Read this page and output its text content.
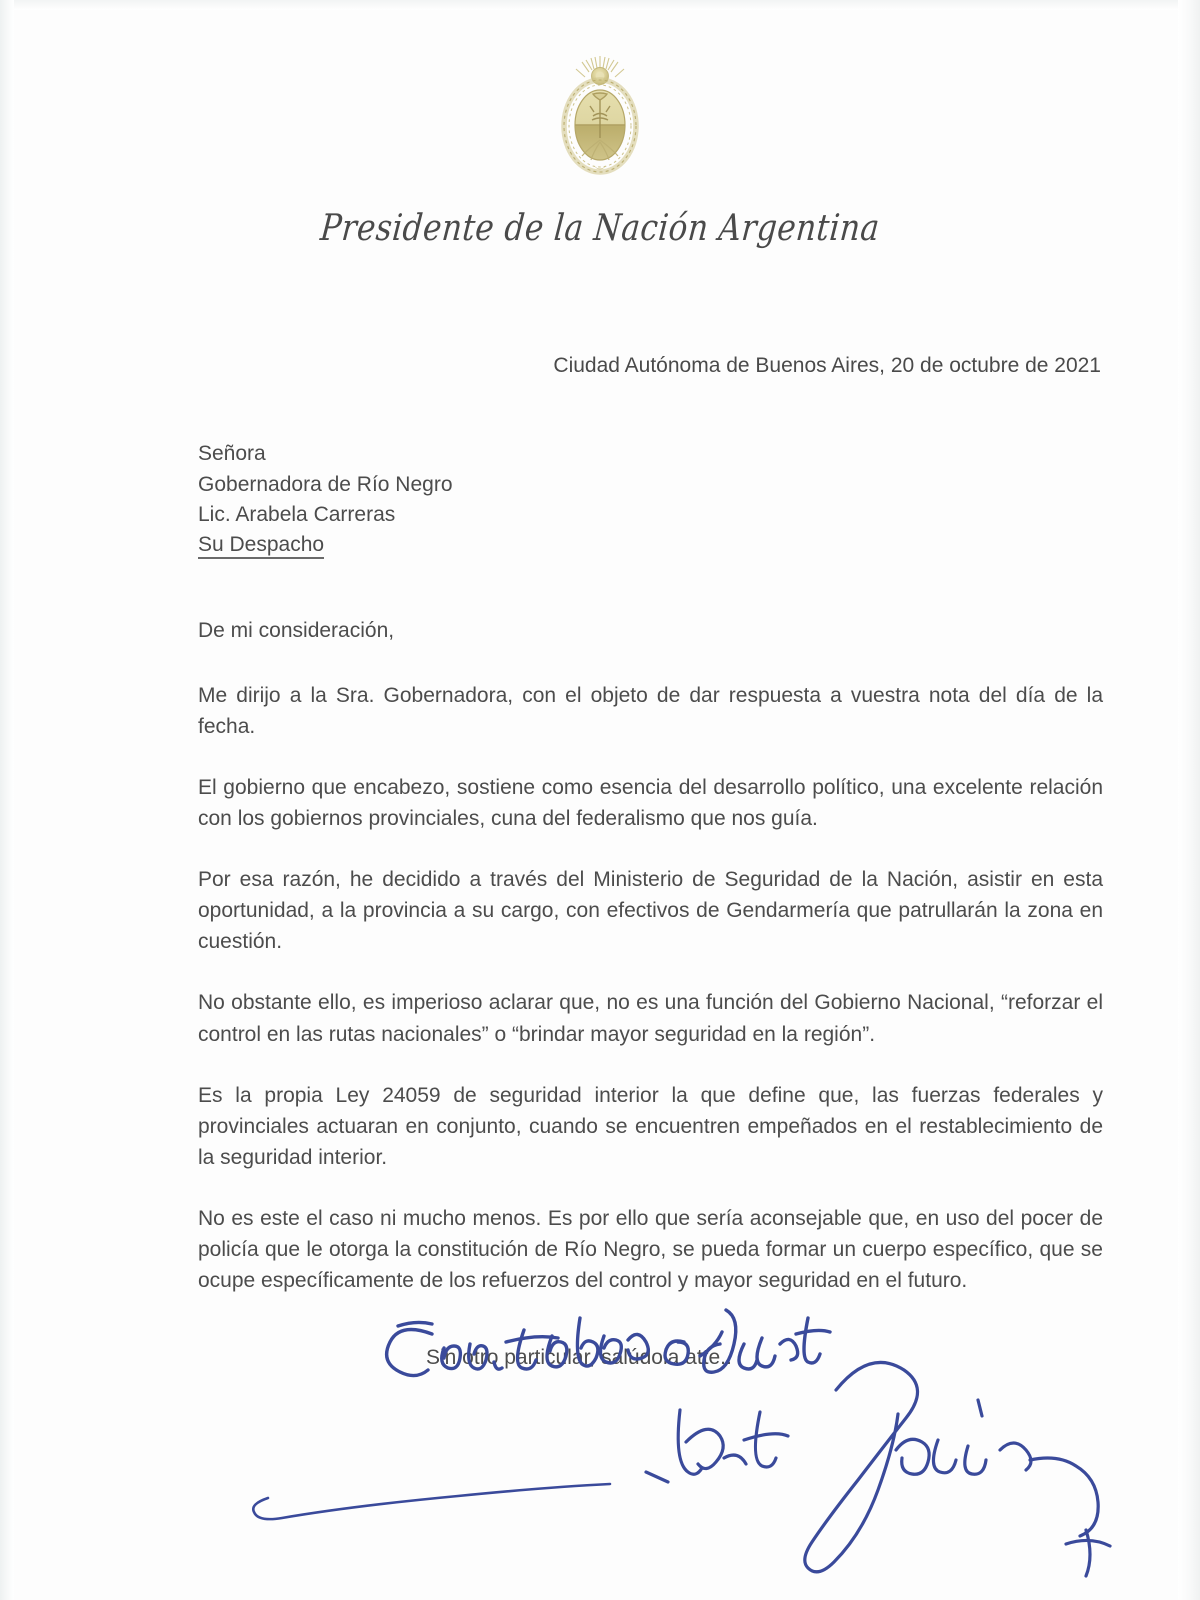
Presidente de la Nación Argentina
Ciudad Autónoma de Buenos Aires, 20 de octubre de 2021
Señora
Gobernadora de Río Negro
Lic. Arabela Carreras
Su Despacho
De mi consideración,

Me dirijo a la Sra. Gobernadora, con el objeto de dar respuesta a vuestra nota del día de la fecha.

El gobierno que encabezo, sostiene como esencia del desarrollo político, una excelente relación con los gobiernos provinciales, cuna del federalismo que nos guía.

Por esa razón, he decidido a través del Ministerio de Seguridad de la Nación, asistir en esta oportunidad, a la provincia a su cargo, con efectivos de Gendarmería que patrullarán la zona en cuestión.

No obstante ello, es imperioso aclarar que, no es una función del Gobierno Nacional, “reforzar el control en las rutas nacionales” o “brindar mayor seguridad en la región”.

Es la propia Ley 24059 de seguridad interior la que define que, las fuerzas federales y provinciales actuaran en conjunto, cuando se encuentren empeñados en el restablecimiento de la seguridad interior.

No es este el caso ni mucho menos. Es por ello que sería aconsejable que, en uso del pocer de policía que le otorga la constitución de Río Negro, se pueda formar un cuerpo específico, que se ocupe específicamente de los refuerzos del control y mayor seguridad en el futuro.

Sin otro particular, salúdola atte..
